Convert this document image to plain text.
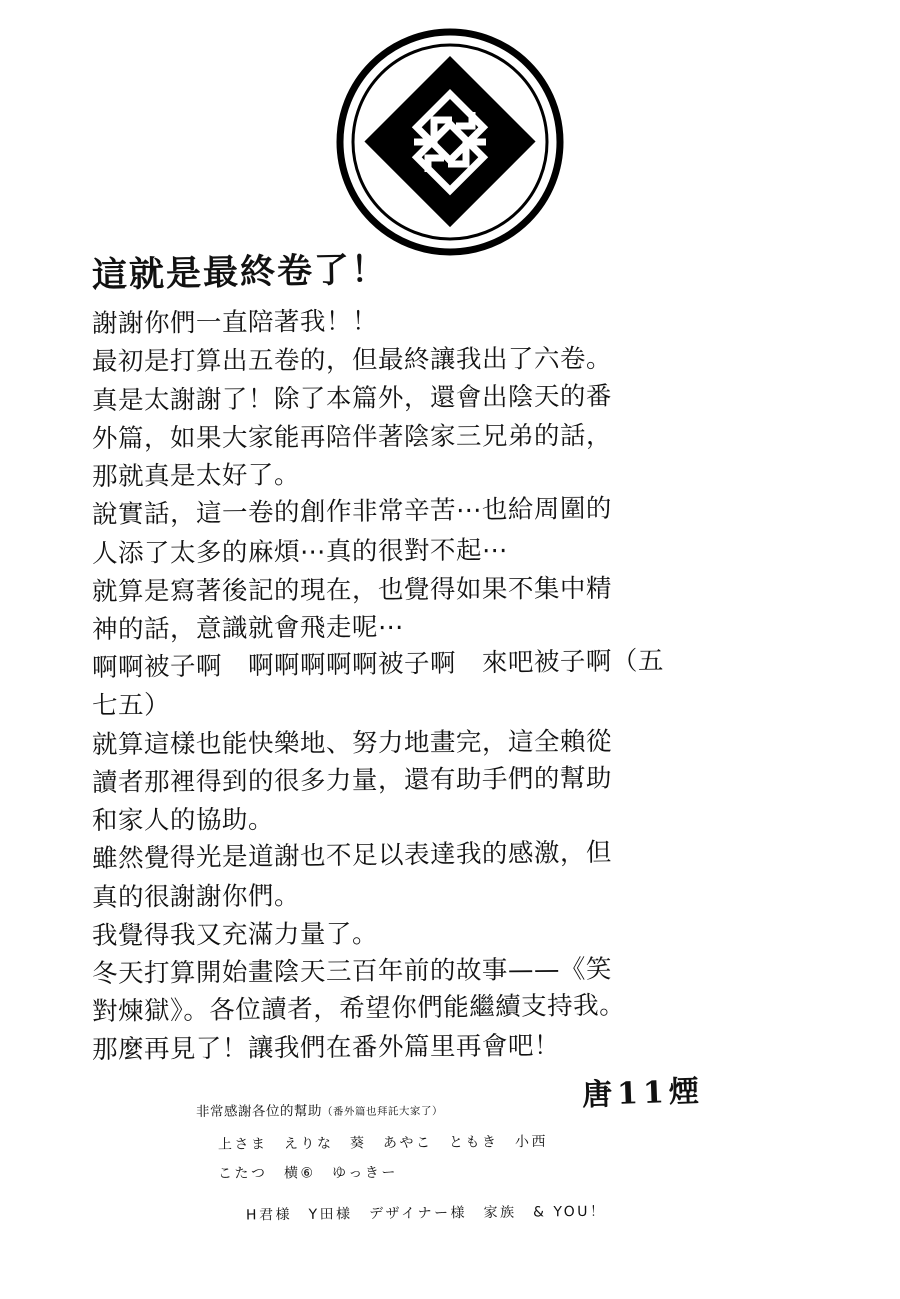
這就是最終卷了！

謝謝你們一直陪著我！！

最初是打算出五卷的，但最終讓我出了六卷。

真是太謝謝了！除了本篇外，還會出陰天的番

外篇，如果大家能再陪伴著陰家三兄弟的話，

那就真是太好了。

說實話，這一卷的創作非常辛苦⋯也給周圍的

人添了太多的麻煩⋯真的很對不起⋯

就算是寫著後記的現在，也覺得如果不集中精

神的話，意識就會飛走呢⋯

啊啊被子啊　啊啊啊啊啊被子啊　來吧被子啊（五

七五）

就算這樣也能快樂地、努力地畫完，這全賴從

讀者那裡得到的很多力量，還有助手們的幫助

和家人的協助。

雖然覺得光是道謝也不足以表達我的感激，但

真的很謝謝你們。

我覺得我又充滿力量了。

冬天打算開始畫陰天三百年前的故事——《笑

對煉獄》。各位讀者，希望你們能繼續支持我。

那麼再見了！讓我們在番外篇里再會吧！

唐11煙

非常感謝各位的幫助（番外篇也拜託大家了）

上さま　えりな　葵　あやこ　ともき　小西

こたつ　横⑥　ゆっきー

H君様　Y田様　デザイナー様　家族　& YOU！
